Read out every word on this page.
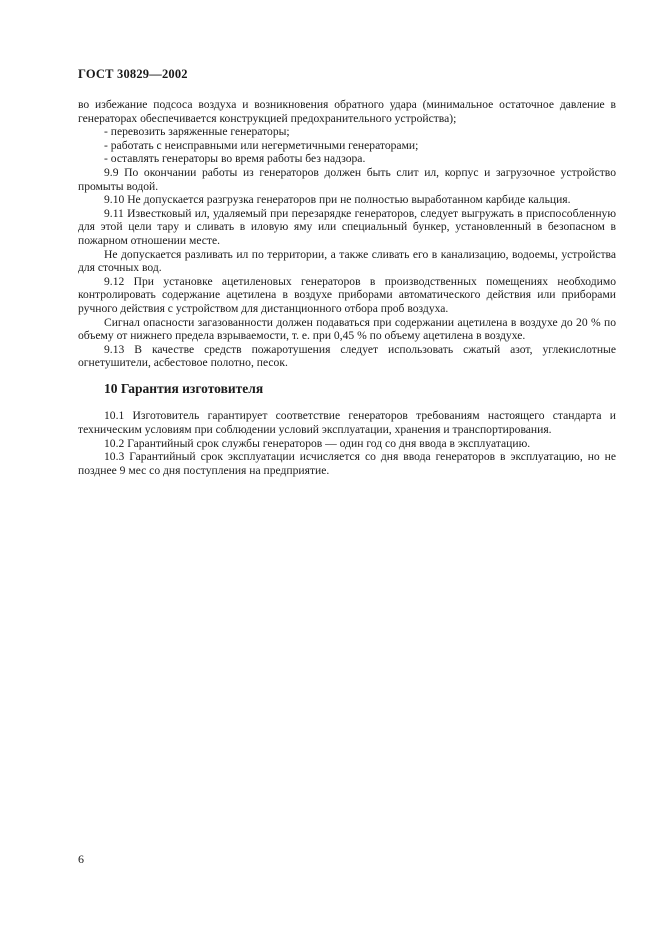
ГОСТ 30829—2002

во избежание подсоса воздуха и возникновения обратного удара (минимальное остаточное давление в генераторах обеспечивается конструкцией предохранительного устройства);

- перевозить заряженные генераторы;

- работать с неисправными или негерметичными генераторами;

- оставлять генераторы во время работы без надзора.

9.9 По окончании работы из генераторов должен быть слит ил, корпус и загрузочное устройство промыты водой.

9.10 Не допускается разгрузка генераторов при не полностью выработанном карбиде кальция.

9.11 Известковый ил, удаляемый при перезарядке генераторов, следует выгружать в приспособленную для этой цели тару и сливать в иловую яму или специальный бункер, установленный в безопасном в пожарном отношении месте.

Не допускается разливать ил по территории, а также сливать его в канализацию, водоемы, устройства для сточных вод.

9.12 При установке ацетиленовых генераторов в производственных помещениях необходимо контролировать содержание ацетилена в воздухе приборами автоматического действия или приборами ручного действия с устройством для дистанционного отбора проб воздуха.

Сигнал опасности загазованности должен подаваться при содержании ацетилена в воздухе до 20 % по объему от нижнего предела взрываемости, т. е. при 0,45 % по объему ацетилена в воздухе.

9.13 В качестве средств пожаротушения следует использовать сжатый азот, углекислотные огнетушители, асбестовое полотно, песок.

10 Гарантия изготовителя

10.1 Изготовитель гарантирует соответствие генераторов требованиям настоящего стандарта и техническим условиям при соблюдении условий эксплуатации, хранения и транспортирования.

10.2 Гарантийный срок службы генераторов — один год со дня ввода в эксплуатацию.

10.3 Гарантийный срок эксплуатации исчисляется со дня ввода генераторов в эксплуатацию, но не позднее 9 мес со дня поступления на предприятие.

6
